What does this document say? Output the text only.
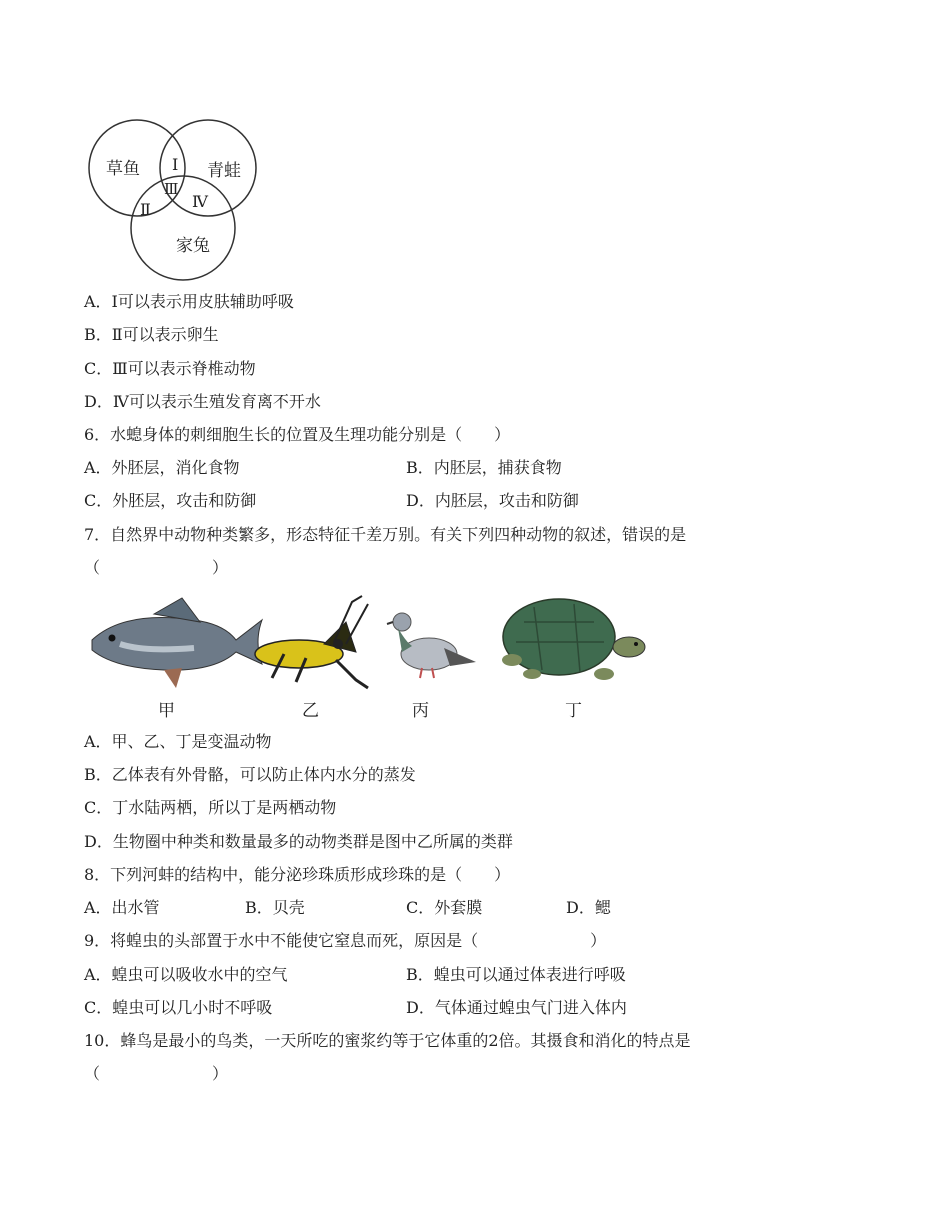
草鱼	青蛙
家兔
Ⅰ
Ⅱ
Ⅲ
Ⅳ
A．Ⅰ可以表示用皮肤辅助呼吸
B．Ⅱ可以表示卵生
C．Ⅲ可以表示脊椎动物
D．Ⅳ可以表示生殖发育离不开水
6．水螅身体的刺细胞生长的位置及生理功能分别是（　　）
A．外胚层，消化食物	B．内胚层，捕获食物
C．外胚层，攻击和防御	D．内胚层，攻击和防御
7．自然界中动物种类繁多，形态特征千差万别。有关下列四种动物的叙述，错误的是
（　　　　　　　）
甲	乙	丙	丁
A．甲、乙、丁是变温动物
B．乙体表有外骨骼，可以防止体内水分的蒸发
C．丁水陆两栖，所以丁是两栖动物
D．生物圈中种类和数量最多的动物类群是图中乙所属的类群
8．下列河蚌的结构中，能分泌珍珠质形成珍珠的是（　　）
A．出水管	B．贝壳	C．外套膜	D．鳃
9．将蝗虫的头部置于水中不能使它窒息而死，原因是（　　　　　　　）
A．蝗虫可以吸收水中的空气	B．蝗虫可以通过体表进行呼吸
C．蝗虫可以几小时不呼吸	D．气体通过蝗虫气门进入体内
10．蜂鸟是最小的鸟类，一天所吃的蜜浆约等于它体重的2倍。其摄食和消化的特点是
（　　　　　　　）
